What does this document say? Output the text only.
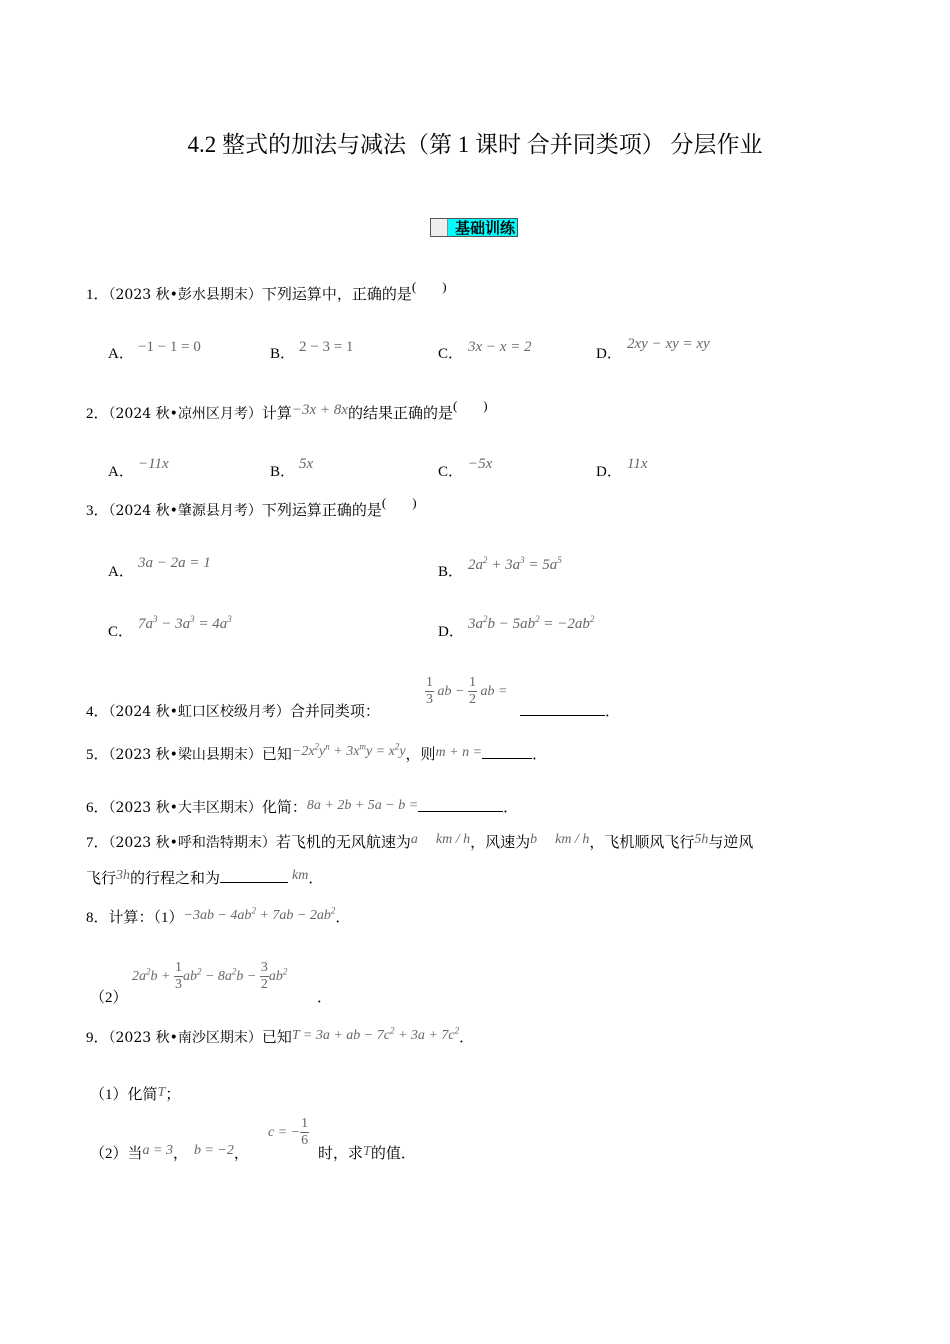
4.2 整式的加法与减法（第 1 课时 合并同类项） 分层作业
基础训练
1．（2023 秋•彭水县期末）下列运算中，正确的是(        )
A． −1 − 1 = 0	B． 2 − 3 = 1	C． 3x − x = 2	D．
2xy − xy = xy
2．（2024 秋•凉州区月考）计算−3x + 8x的结果正确的是(        )
A． −11x	B． 5x	C． −5x	D． 11x
3．（2024 秋•肇源县月考）下列运算正确的是(        )
A．
3a − 2a = 1
B． $2a^2 + 3a^3 = 5a^5$
C． $7a^3 - 3a^3 = 4a^3$
D． $3a^2b - 5ab^2 = -2ab^2$
4．（2024 秋•虹口区校级月考）合并同类项：
$\frac{1}{3}$ ab − $\frac{1}{2}$ ab =
．
5．（2023 秋•梁山县期末）已知$-2x^2y^n + 3x^my = x^2y$，则m + n =	．
6．（2023 秋•大丰区期末）化简：8a + 2b + 5a − b =	．
7．（2023 秋•呼和浩特期末）若飞机的无风航速为a km / h，风速为b km / h，飞机顺风飞行5h与逆风
飞行3h的行程之和为	km．
8．计算：$(1)-3ab - 4ab^2 + 7ab - 2ab^2$．
$2a^2b + \frac{1}{3} ab^2 - 8a^2b - \frac{3}{2} ab^2$
（2）	．
9．（2023 秋•南沙区期末）已知T = 3a + ab − $7c^2 + 3a + 7c^2$．
（1）化简T；
（2）当a = 3， b = −2，
c = − $\frac{1}{6}$
时，求T的值．
